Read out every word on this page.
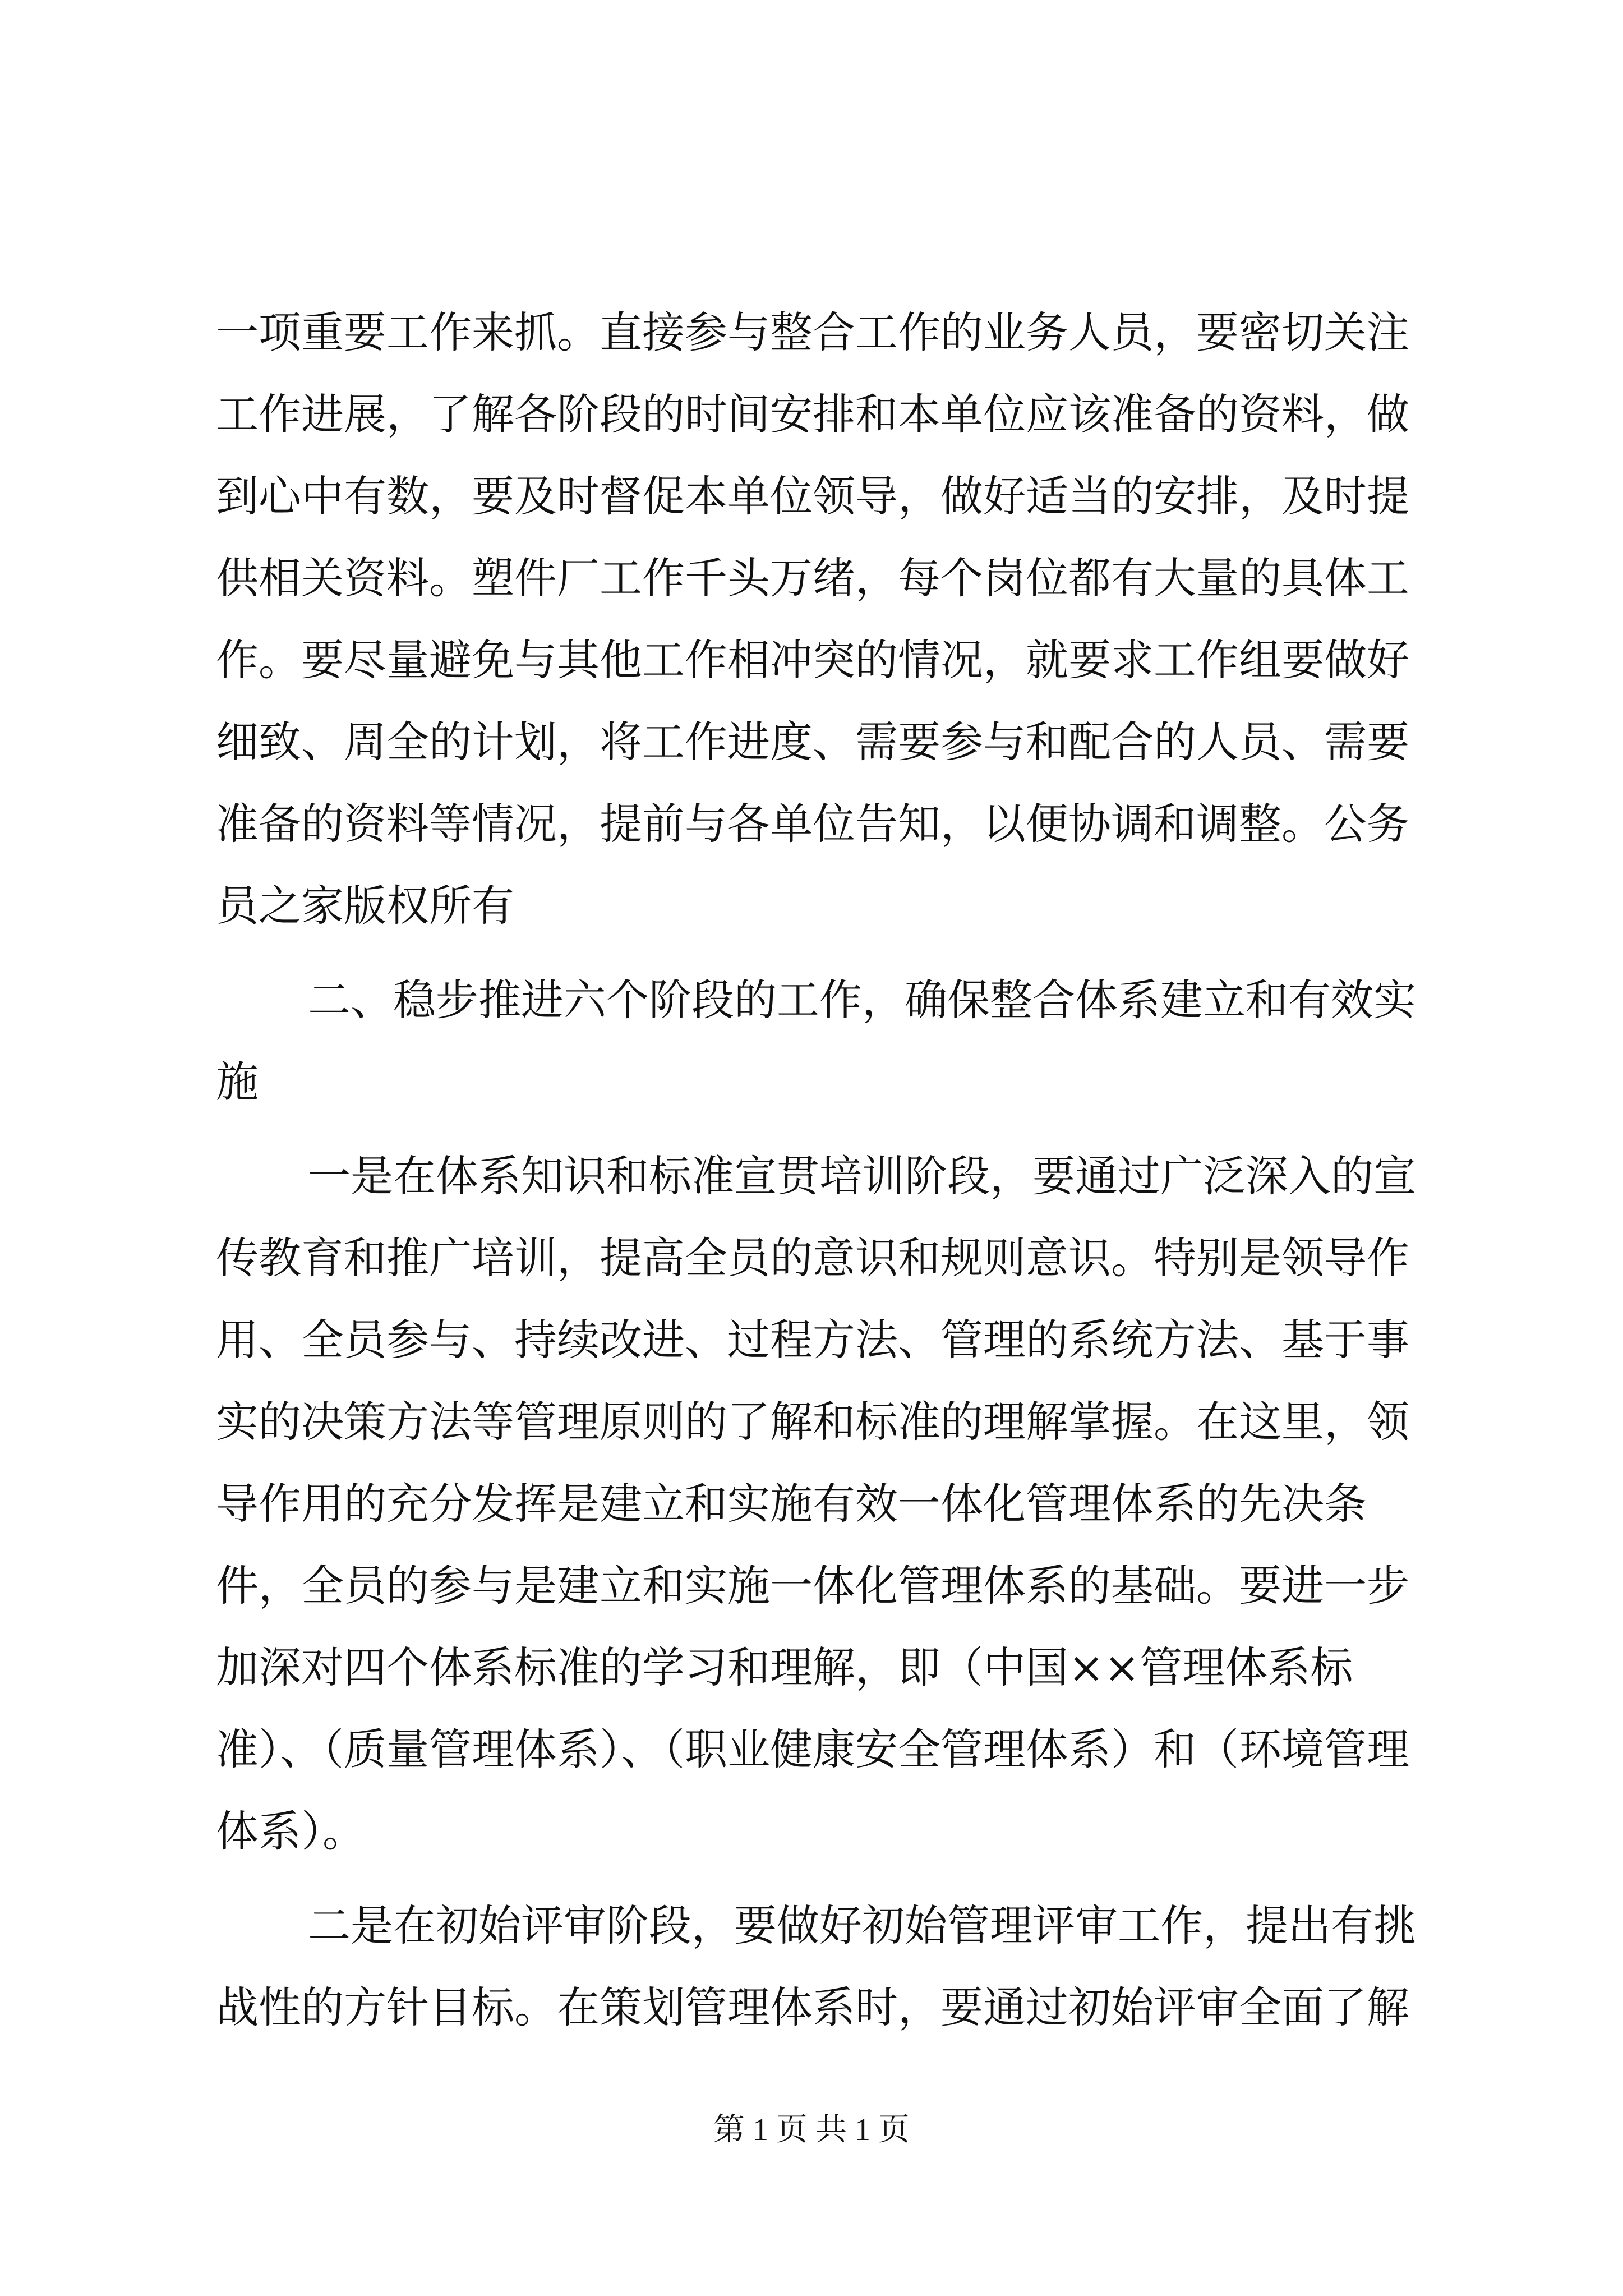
一项重要工作来抓。直接参与整合工作的业务人员，要密切关注
工作进展，了解各阶段的时间安排和本单位应该准备的资料，做
到心中有数，要及时督促本单位领导，做好适当的安排，及时提
供相关资料。塑件厂工作千头万绪，每个岗位都有大量的具体工
作。要尽量避免与其他工作相冲突的情况，就要求工作组要做好
细致、周全的计划，将工作进度、需要参与和配合的人员、需要
准备的资料等情况，提前与各单位告知，以便协调和调整。公务
员之家版权所有
二、稳步推进六个阶段的工作，确保整合体系建立和有效实
施
一是在体系知识和标准宣贯培训阶段，要通过广泛深入的宣
传教育和推广培训，提高全员的意识和规则意识。特别是领导作
用、全员参与、持续改进、过程方法、管理的系统方法、基于事
实的决策方法等管理原则的了解和标准的理解掌握。在这里，领
导作用的充分发挥是建立和实施有效一体化管理体系的先决条
件，全员的参与是建立和实施一体化管理体系的基础。要进一步
加深对四个体系标准的学习和理解，即（中国××管理体系标
准）、（质量管理体系）、（职业健康安全管理体系）和（环境管理
体系）。
二是在初始评审阶段，要做好初始管理评审工作，提出有挑
战性的方针目标。在策划管理体系时，要通过初始评审全面了解
第 1 页 共 1 页
